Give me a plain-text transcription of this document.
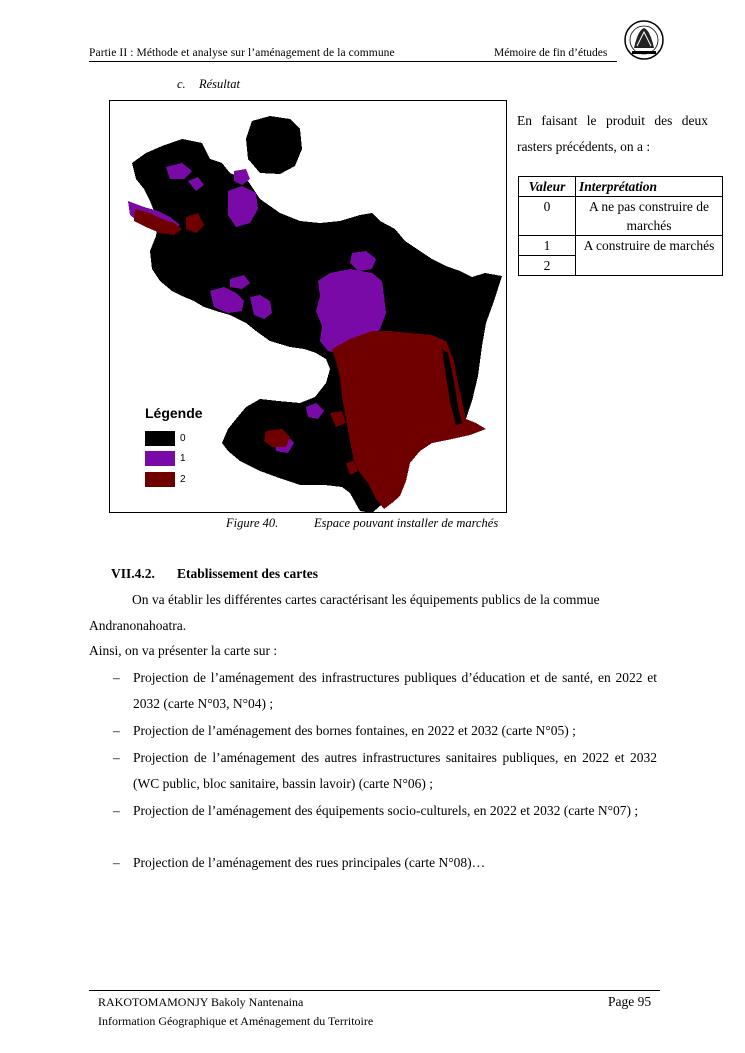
Partie II : Méthode et analyse sur l’aménagement de la commune	Mémoire de fin d’études
c. Résultat
Légende
0
1
2
Figure 40.	Espace pouvant installer de marchés
En faisant le produit des deux
rasters précédents, on a :
Valeur	Interprétation
0	A ne pas construire de marchés
1	A construire de marchés
2	
VII.4.2. Etablissement des cartes
On va établir les différentes cartes caractérisant les équipements publics de la commue
Andranonahoatra.
Ainsi, on va présenter la carte sur :
– Projection de l’aménagement des infrastructures publiques d’éducation et de santé, en 2022 et 2032 (carte N°03, N°04) ;
– Projection de l’aménagement des bornes fontaines, en 2022 et 2032 (carte N°05) ;
– Projection de l’aménagement des autres infrastructures sanitaires publiques, en 2022 et 2032 (WC public, bloc sanitaire, bassin lavoir) (carte N°06) ;
– Projection de l’aménagement des équipements socio-culturels, en 2022 et 2032 (carte N°07) ;
– Projection de l’aménagement des rues principales (carte N°08)…
RAKOTOMAMONJY Bakoly Nantenaina
Information Géographique et Aménagement du Territoire
Page 95
